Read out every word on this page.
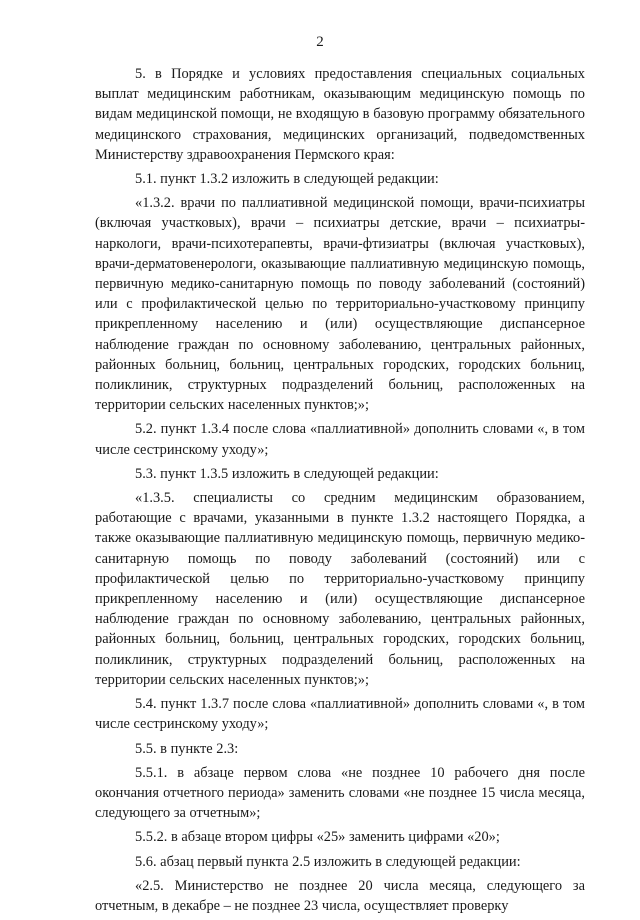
2

5. в Порядке и условиях предоставления специальных социальных выплат медицинским работникам, оказывающим медицинскую помощь по видам медицинской помощи, не входящую в базовую программу обязательного медицинского страхования, медицинских организаций, подведомственных Министерству здравоохранения Пермского края:

5.1. пункт 1.3.2 изложить в следующей редакции:

«1.3.2. врачи по паллиативной медицинской помощи, врачи-психиатры (включая участковых), врачи – психиатры детские, врачи – психиатры-наркологи, врачи-психотерапевты, врачи-фтизиатры (включая участковых), врачи-дерматовенерологи, оказывающие паллиативную медицинскую помощь, первичную медико-санитарную помощь по поводу заболеваний (состояний) или с профилактической целью по территориально-участковому принципу прикрепленному населению и (или) осуществляющие диспансерное наблюдение граждан по основному заболеванию, центральных районных, районных больниц, больниц, центральных городских, городских больниц, поликлиник, структурных подразделений больниц, расположенных на территории сельских населенных пунктов;»;

5.2. пункт 1.3.4 после слова «паллиативной» дополнить словами «, в том числе сестринскому уходу»;

5.3. пункт 1.3.5 изложить в следующей редакции:

«1.3.5. специалисты со средним медицинским образованием, работающие с врачами, указанными в пункте 1.3.2 настоящего Порядка, а также оказывающие паллиативную медицинскую помощь, первичную медико-санитарную помощь по поводу заболеваний (состояний) или с профилактической целью по территориально-участковому принципу прикрепленному населению и (или) осуществляющие диспансерное наблюдение граждан по основному заболеванию, центральных районных, районных больниц, больниц, центральных городских, городских больниц, поликлиник, структурных подразделений больниц, расположенных на территории сельских населенных пунктов;»;

5.4. пункт 1.3.7 после слова «паллиативной» дополнить словами «, в том числе сестринскому уходу»;

5.5. в пункте 2.3:

5.5.1. в абзаце первом слова «не позднее 10 рабочего дня после окончания отчетного периода» заменить словами «не позднее 15 числа месяца, следующего за отчетным»;

5.5.2. в абзаце втором цифры «25» заменить цифрами «20»;

5.6. абзац первый пункта 2.5 изложить в следующей редакции:

«2.5. Министерство не позднее 20 числа месяца, следующего за отчетным, в декабре – не позднее 23 числа, осуществляет проверку
